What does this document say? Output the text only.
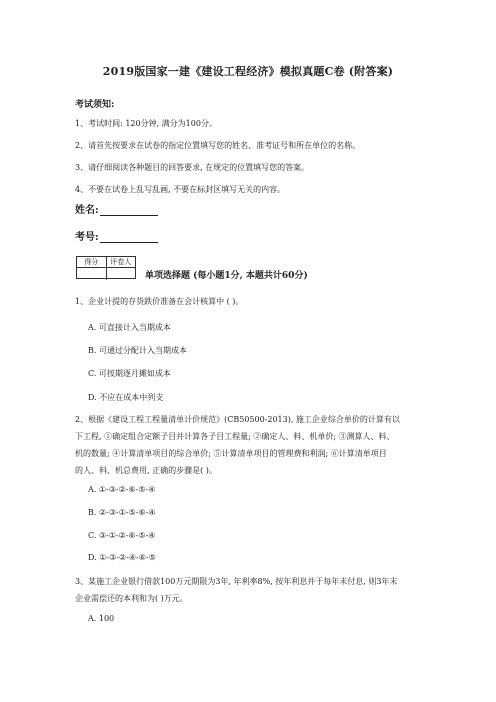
2019版国家一建《建设工程经济》模拟真题C卷 (附答案)
考试须知:
1、考试时间: 120分钟, 满分为100分。
2、请首先按要求在试卷的指定位置填写您的姓名、准考证号和所在单位的名称。
3、请仔细阅读各种题目的回答要求, 在规定的位置填写您的答案。
4、不要在试卷上乱写乱画, 不要在标封区填写无关的内容。
姓名:
考号:
得分	评卷人
单项选择题 (每小题1分, 本题共计60分)
1、企业计提的存货跌价准备在会计核算中 ( )。
A. 可直接计入当期成本
B. 可通过分配计入当期成本
C. 可按期逐月摊如成本
D. 不应在成本中列支
2、根据《建设工程工程量清单计价规范》(CB50500-2013), 施工企业综合单价的计算有以
下工程, ①确定组合定额子目并计算各子目工程量; ②确定人、料、机单价; ③测算人、料、
机的数量; ④计算清单项目的综合单价; ⑤计算清单项目的管理费和利润; ⑥计算清单项目
的人、料、机总费用, 正确的步骤是( )。
A. ①-③-②-⑥-⑤-④
B. ②-③-①-⑤-⑥-④
C. ③-①-②-⑥-⑤-④
D. ①-③-②-④-⑥-⑤
3、某施工企业银行借款100万元期限为3年, 年利率8%, 按年利息并于每年末付息, 则3年末
企业需偿还的本利和为( )万元。
A. 100
